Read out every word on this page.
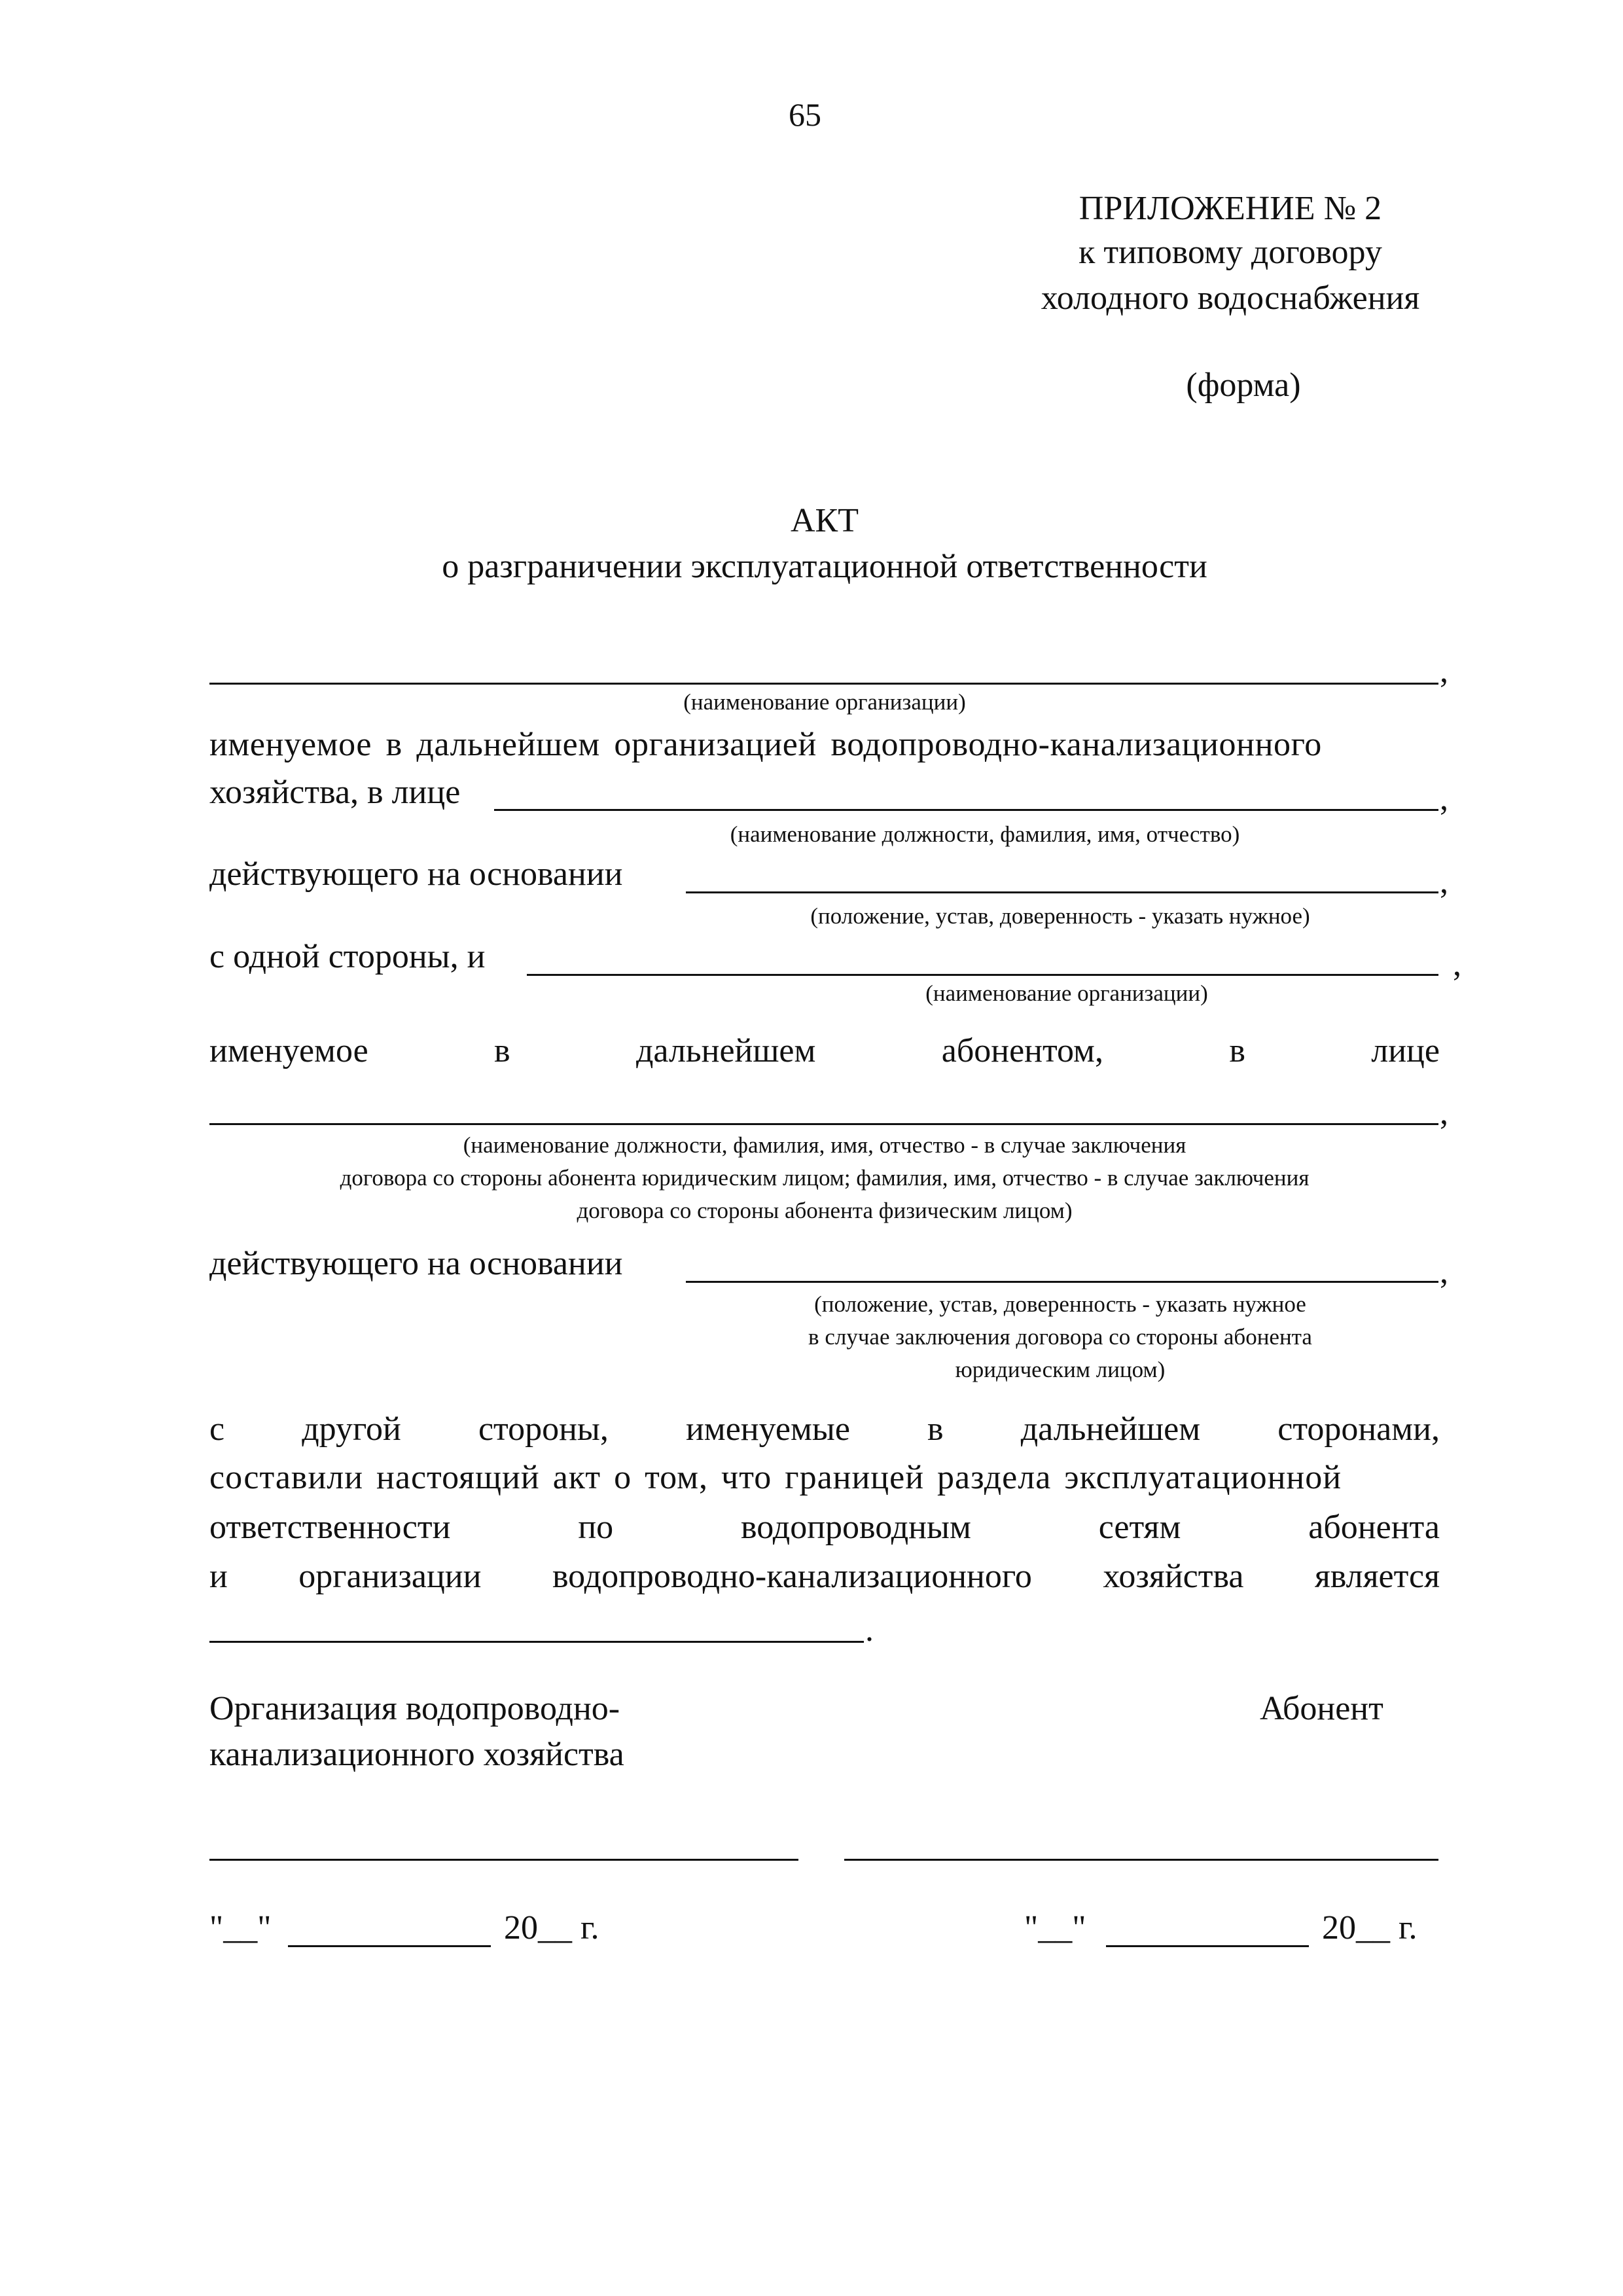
65
ПРИЛОЖЕНИЕ № 2
к типовому договору
холодного водоснабжения
(форма)
АКТ
о разграничении эксплуатационной ответственности
,
(наименование организации)
именуемое в дальнейшем организацией водопроводно-канализационного
хозяйства, в лице	,
(наименование должности, фамилия, имя, отчество)
действующего на основании	,
(положение, устав, доверенность - указать нужное)
с одной стороны, и	,
(наименование организации)
именуемое	в	дальнейшем	абонентом,	в	лице
,
(наименование должности, фамилия, имя, отчество - в случае заключения
договора со стороны абонента юридическим лицом; фамилия, имя, отчество - в случае заключения
договора со стороны абонента физическим лицом)
действующего на основании	,
(положение, устав, доверенность - указать нужное
в случае заключения договора со стороны абонента
юридическим лицом)
с другой стороны, именуемые в дальнейшем сторонами,
составили настоящий акт о том, что границей раздела эксплуатационной
ответственности	по	водопроводным	сетям	абонента
и организации водопроводно-канализационного хозяйства является
.
Организация водопроводно-
канализационного хозяйства
Абонент
"__"	20__ г.	"__"	20__ г.
